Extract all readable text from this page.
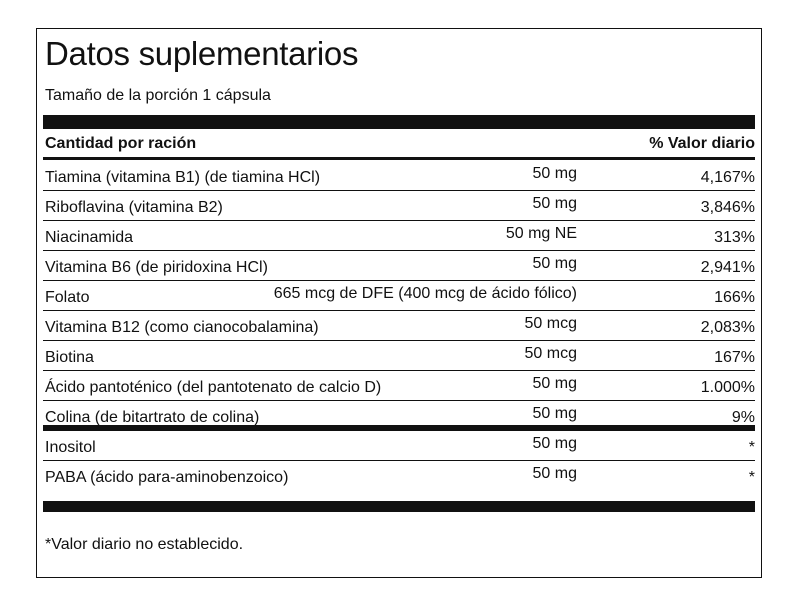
Datos suplementarios
Tamaño de la porción 1 cápsula
Cantidad por ración	% Valor diario
Tiamina (vitamina B1) (de tiamina HCl)	50 mg	4,167%
Riboflavina (vitamina B2)	50 mg	3,846%
Niacinamida	50 mg NE	313%
Vitamina B6 (de piridoxina HCl)	50 mg	2,941%
Folato	665 mcg de DFE (400 mcg de ácido fólico)	166%
Vitamina B12 (como cianocobalamina)	50 mcg	2,083%
Biotina	50 mcg	167%
Ácido pantoténico (del pantotenato de calcio D)	50 mg	1.000%
Colina (de bitartrato de colina)	50 mg	9%
Inositol	50 mg	*
PABA (ácido para-aminobenzoico)	50 mg	*
*Valor diario no establecido.
